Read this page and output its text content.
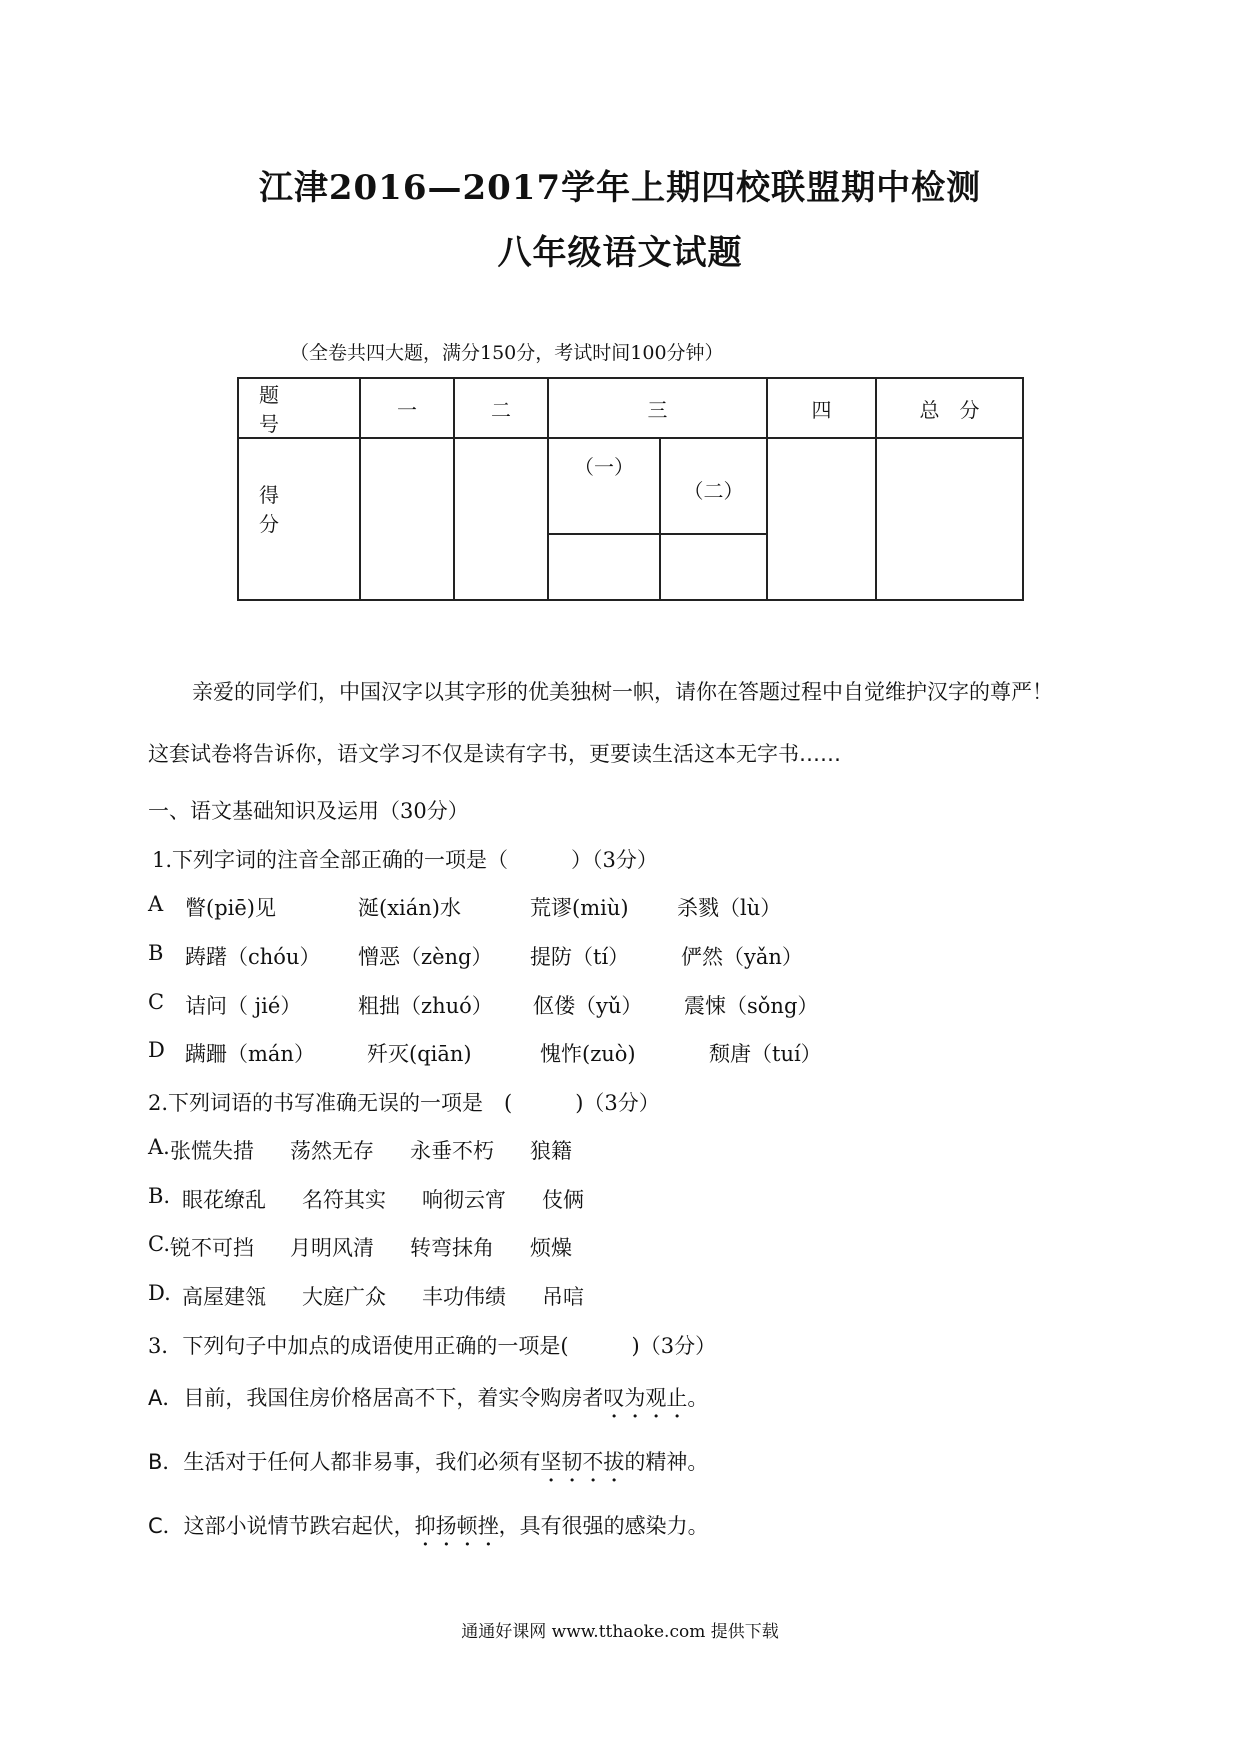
江津2016—2017学年上期四校联盟期中检测
八年级语文试题
（全卷共四大题，满分150分，考试时间100分钟）
题　号	一	二	三		四	总　分
得　分			（一）	（二）		

亲爱的同学们，中国汉字以其字形的优美独树一帜，请你在答题过程中自觉维护汉字的尊严！
这套试卷将告诉你，语文学习不仅是读有字书，更要读生活这本无字书……
一、语文基础知识及运用（30分）
1.下列字词的注音全部正确的一项是（　　　）（3分）
A 瞥(piē)见	涎(xián)水	荒谬(miù) 杀戮（lù）
B 踌躇（chóu） 憎恶（zèng） 提防（tí） 俨然（yǎn）
C 诘问（ jié）	粗拙（zhuó） 伛偻（yǔ） 震悚（sǒng）
D 蹒跚（mán） 歼灭(qiān)	愧怍(zuò)	颓唐（tuí）
2.下列词语的书写准确无误的一项是　(　　　)（3分）
A. 张慌失措 荡然无存 永垂不朽 狼籍
B. 眼花缭乱 名符其实 响彻云宵 伎俩
C. 锐不可挡 月明风清 转弯抹角 烦燥
D. 高屋建瓴 大庭广众 丰功伟绩 吊唁
3．下列句子中加点的成语使用正确的一项是(　　　)（3分）
A．目前，我国住房价格居高不下，着实令购房者叹为观止。
B．生活对于任何人都非易事，我们必须有坚韧不拔的精神。
C．这部小说情节跌宕起伏，抑扬顿挫，具有很强的感染力。
通通好课网 www.tthaoke.com 提供下载
